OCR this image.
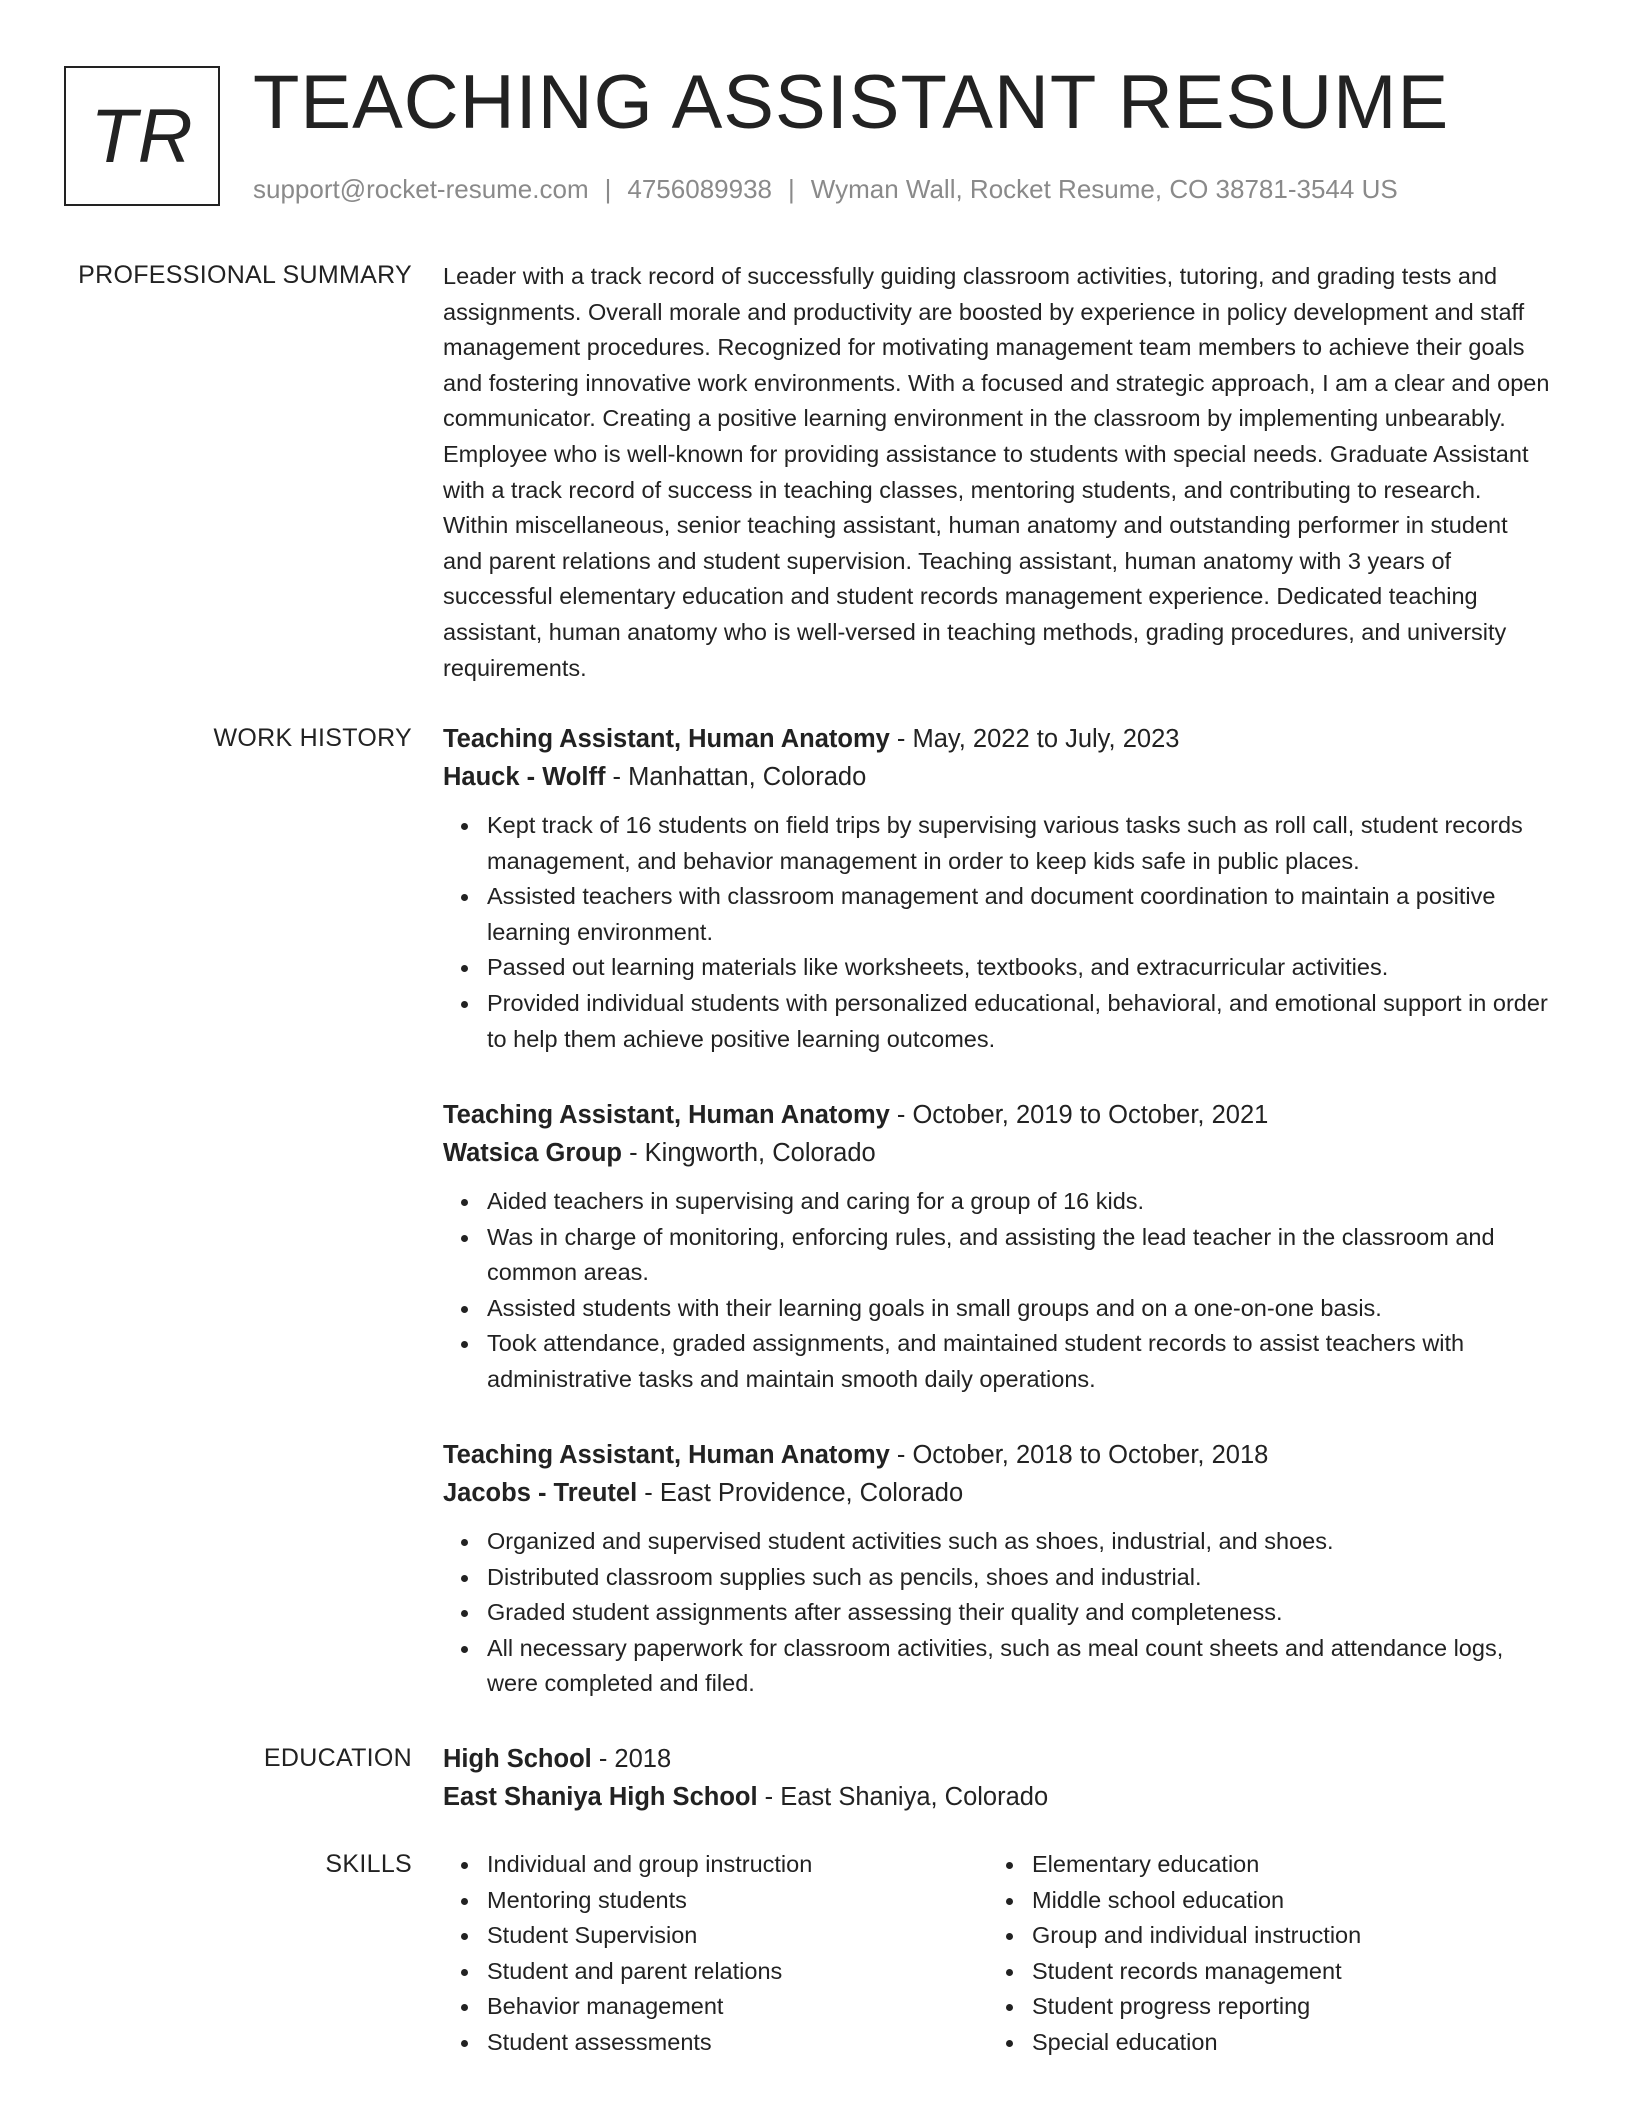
TR TEACHING ASSISTANT RESUME
support@rocket-resume.com | 4756089938 | Wyman Wall, Rocket Resume, CO 38781-3544 US
PROFESSIONAL SUMMARY Leader with a track record of successfully guiding classroom activities, tutoring, and grading tests and assignments. Overall morale and productivity are boosted by experience in policy development and staff management procedures. Recognized for motivating management team members to achieve their goals and fostering innovative work environments. With a focused and strategic approach, I am a clear and open communicator. Creating a positive learning environment in the classroom by implementing unbearably. Employee who is well-known for providing assistance to students with special needs. Graduate Assistant with a track record of success in teaching classes, mentoring students, and contributing to research. Within miscellaneous, senior teaching assistant, human anatomy and outstanding performer in student and parent relations and student supervision. Teaching assistant, human anatomy with 3 years of successful elementary education and student records management experience. Dedicated teaching assistant, human anatomy who is well-versed in teaching methods, grading procedures, and university requirements.

WORK HISTORY Teaching Assistant, Human Anatomy - May, 2022 to July, 2023
Hauck - Wolff - Manhattan, Colorado
Kept track of 16 students on field trips by supervising various tasks such as roll call, student records management, and behavior management in order to keep kids safe in public places.
Assisted teachers with classroom management and document coordination to maintain a positive learning environment.
Passed out learning materials like worksheets, textbooks, and extracurricular activities.
Provided individual students with personalized educational, behavioral, and emotional support in order to help them achieve positive learning outcomes.
Teaching Assistant, Human Anatomy - October, 2019 to October, 2021
Watsica Group - Kingworth, Colorado
Aided teachers in supervising and caring for a group of 16 kids.
Was in charge of monitoring, enforcing rules, and assisting the lead teacher in the classroom and common areas.
Assisted students with their learning goals in small groups and on a one-on-one basis.
Took attendance, graded assignments, and maintained student records to assist teachers with administrative tasks and maintain smooth daily operations.
Teaching Assistant, Human Anatomy - October, 2018 to October, 2018
Jacobs - Treutel - East Providence, Colorado
Organized and supervised student activities such as shoes, industrial, and shoes.
Distributed classroom supplies such as pencils, shoes and industrial.
Graded student assignments after assessing their quality and completeness.
All necessary paperwork for classroom activities, such as meal count sheets and attendance logs, were completed and filed.
EDUCATION High School - 2018
East Shaniya High School - East Shaniya, Colorado
SKILLS	Individual and group instruction
Mentoring students
Student Supervision
Student and parent relations
Behavior management
Student assessments
Elementary education
Middle school education
Group and individual instruction
Student records management
Student progress reporting
Special education
